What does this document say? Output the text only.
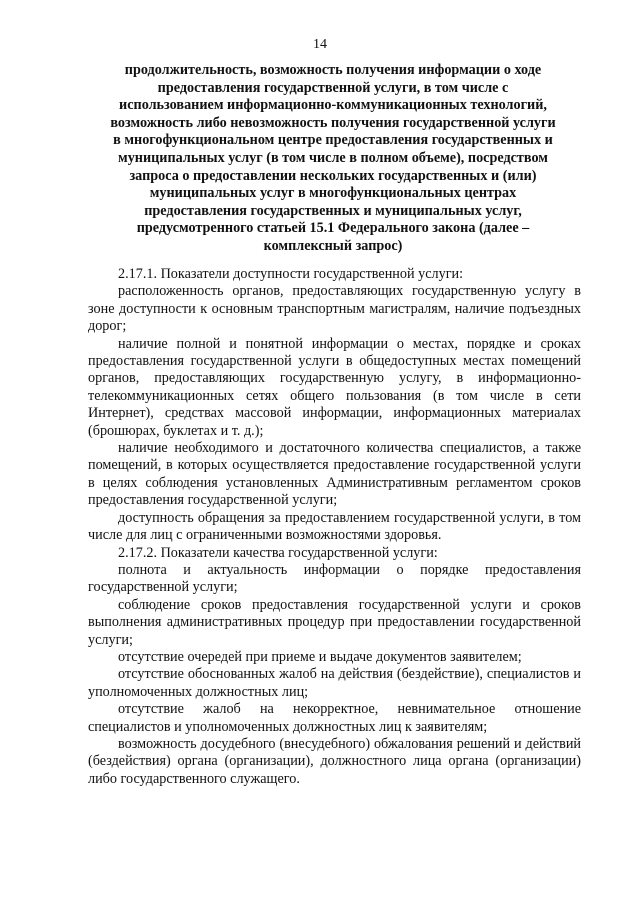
14
продолжительность, возможность получения информации о ходе
предоставления государственной услуги, в том числе с
использованием информационно-коммуникационных технологий,
возможность либо невозможность получения государственной услуги
в многофункциональном центре предоставления государственных и
муниципальных услуг (в том числе в полном объеме), посредством
запроса о предоставлении нескольких государственных и (или)
муниципальных услуг в многофункциональных центрах
предоставления государственных и муниципальных услуг,
предусмотренного статьей 15.1 Федерального закона (далее –
комплексный запрос)

2.17.1. Показатели доступности государственной услуги:

расположенность органов, предоставляющих государственную услугу в зоне доступности к основным транспортным магистралям, наличие подъездных дорог;

наличие полной и понятной информации о местах, порядке и сроках предоставления государственной услуги в общедоступных местах помещений органов, предоставляющих государственную услугу, в информационно-телекоммуникационных сетях общего пользования (в том числе в сети Интернет), средствах массовой информации, информационных материалах (брошюрах, буклетах и т. д.);

наличие необходимого и достаточного количества специалистов, а также помещений, в которых осуществляется предоставление государственной услуги в целях соблюдения установленных Административным регламентом сроков предоставления государственной услуги;

доступность обращения за предоставлением государственной услуги, в том числе для лиц с ограниченными возможностями здоровья.

2.17.2. Показатели качества государственной услуги:

полнота и актуальность информации о порядке предоставления государственной услуги;

соблюдение сроков предоставления государственной услуги и сроков выполнения административных процедур при предоставлении государственной услуги;

отсутствие очередей при приеме и выдаче документов заявителем;

отсутствие обоснованных жалоб на действия (бездействие), специалистов и уполномоченных должностных лиц;

отсутствие жалоб на некорректное, невнимательное отношение специалистов и уполномоченных должностных лиц к заявителям;

возможность досудебного (внесудебного) обжалования решений и действий (бездействия) органа (организации), должностного лица органа (организации) либо государственного служащего.
